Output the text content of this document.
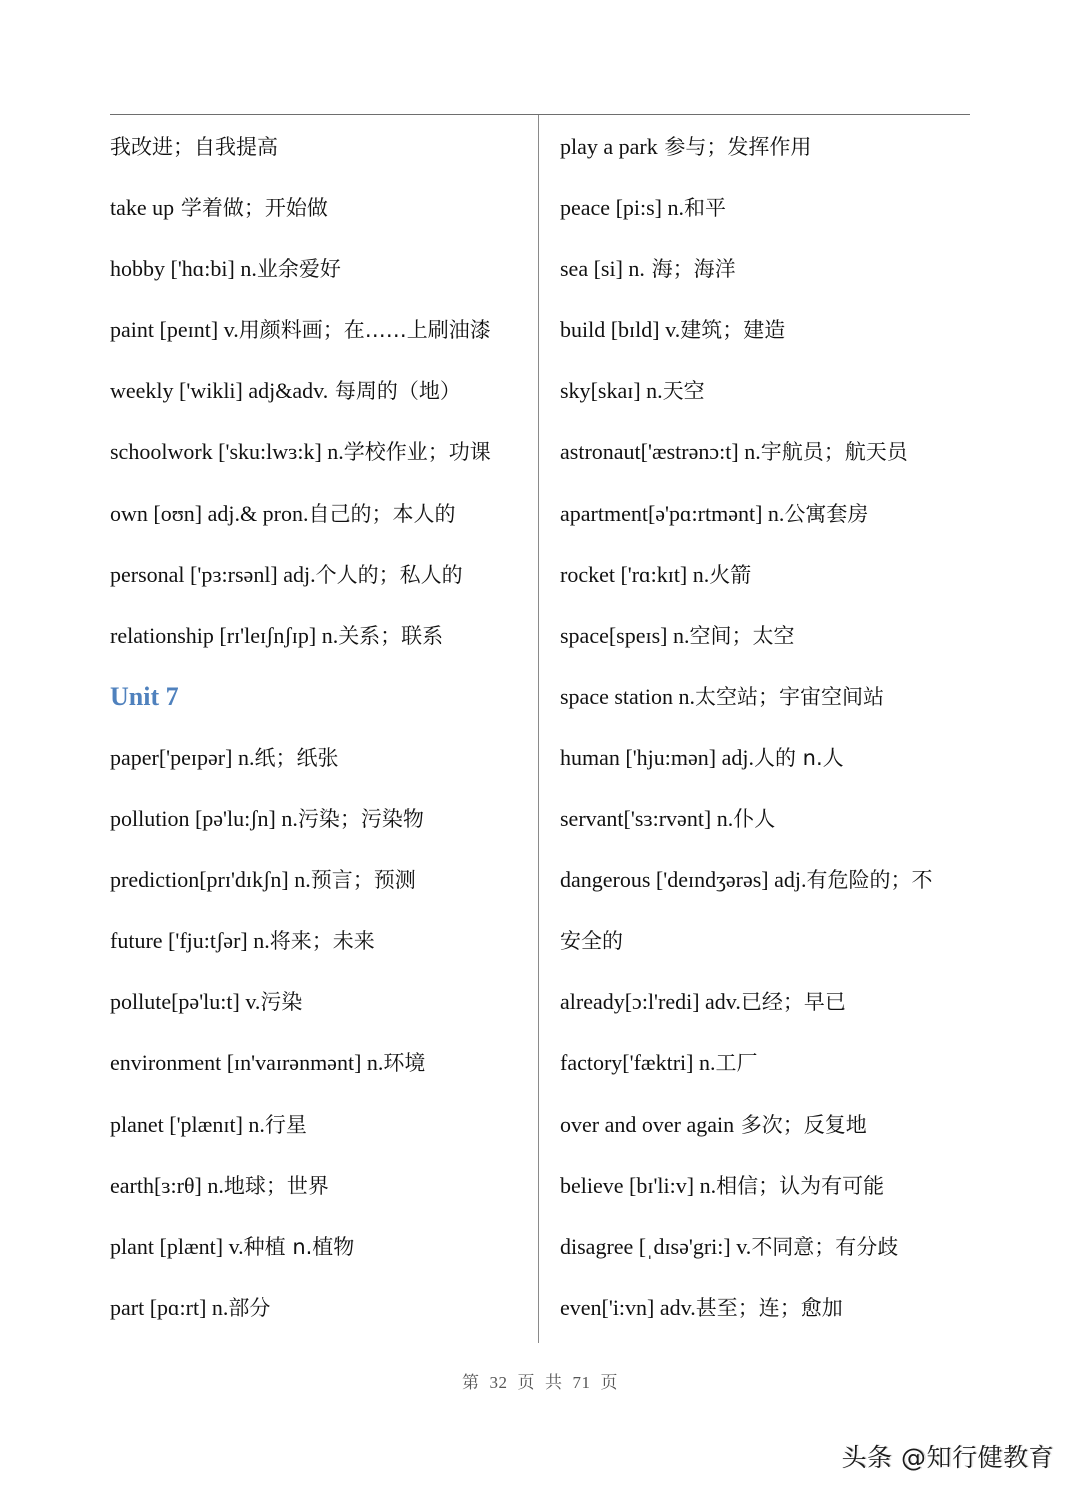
我改进；自我提高
take up 学着做；开始做
hobby ['hɑ:bi] n.业余爱好
paint [peɪnt] v.用颜料画；在……上刷油漆
weekly ['wikli] adj&adv. 每周的（地）
schoolwork ['sku:lwɜ:k] n.学校作业；功课
own [oʊn] adj.& pron.自己的；本人的
personal ['pɜ:rsənl] adj.个人的；私人的
relationship [rɪ'leɪʃnʃɪp] n.关系；联系
Unit 7
paper['peɪpər] n.纸；纸张
pollution [pə'lu:ʃn] n.污染；污染物
prediction[prɪ'dɪkʃn] n.预言；预测
future ['fju:tʃər] n.将来；未来
pollute[pə'lu:t] v.污染
environment [ɪn'vaɪrənmənt] n.环境
planet ['plænɪt] n.行星
earth[ɜ:rθ] n.地球；世界
plant [plænt] v.种植 n.植物
part [pɑ:rt] n.部分
play a park 参与；发挥作用
peace [pi:s] n.和平
sea [si] n. 海；海洋
build [bɪld] v.建筑；建造
sky[skaɪ] n.天空
astronaut['æstrənɔ:t] n.宇航员；航天员
apartment[ə'pɑ:rtmənt] n.公寓套房
rocket ['rɑ:kɪt] n.火箭
space[speɪs] n.空间；太空
space station n.太空站；宇宙空间站
human ['hju:mən] adj.人的 n.人
servant['sɜ:rvənt] n.仆人
dangerous ['deɪndʒərəs] adj.有危险的；不
安全的
already[ɔ:l'redi] adv.已经；早已
factory['fæktri] n.工厂
over and over again 多次；反复地
believe [bɪ'li:v] n.相信；认为有可能
disagree [ˌdɪsə'gri:] v.不同意；有分歧
even['i:vn] adv.甚至；连；愈加
第 32 页 共 71 页
头条 @知行健教育
